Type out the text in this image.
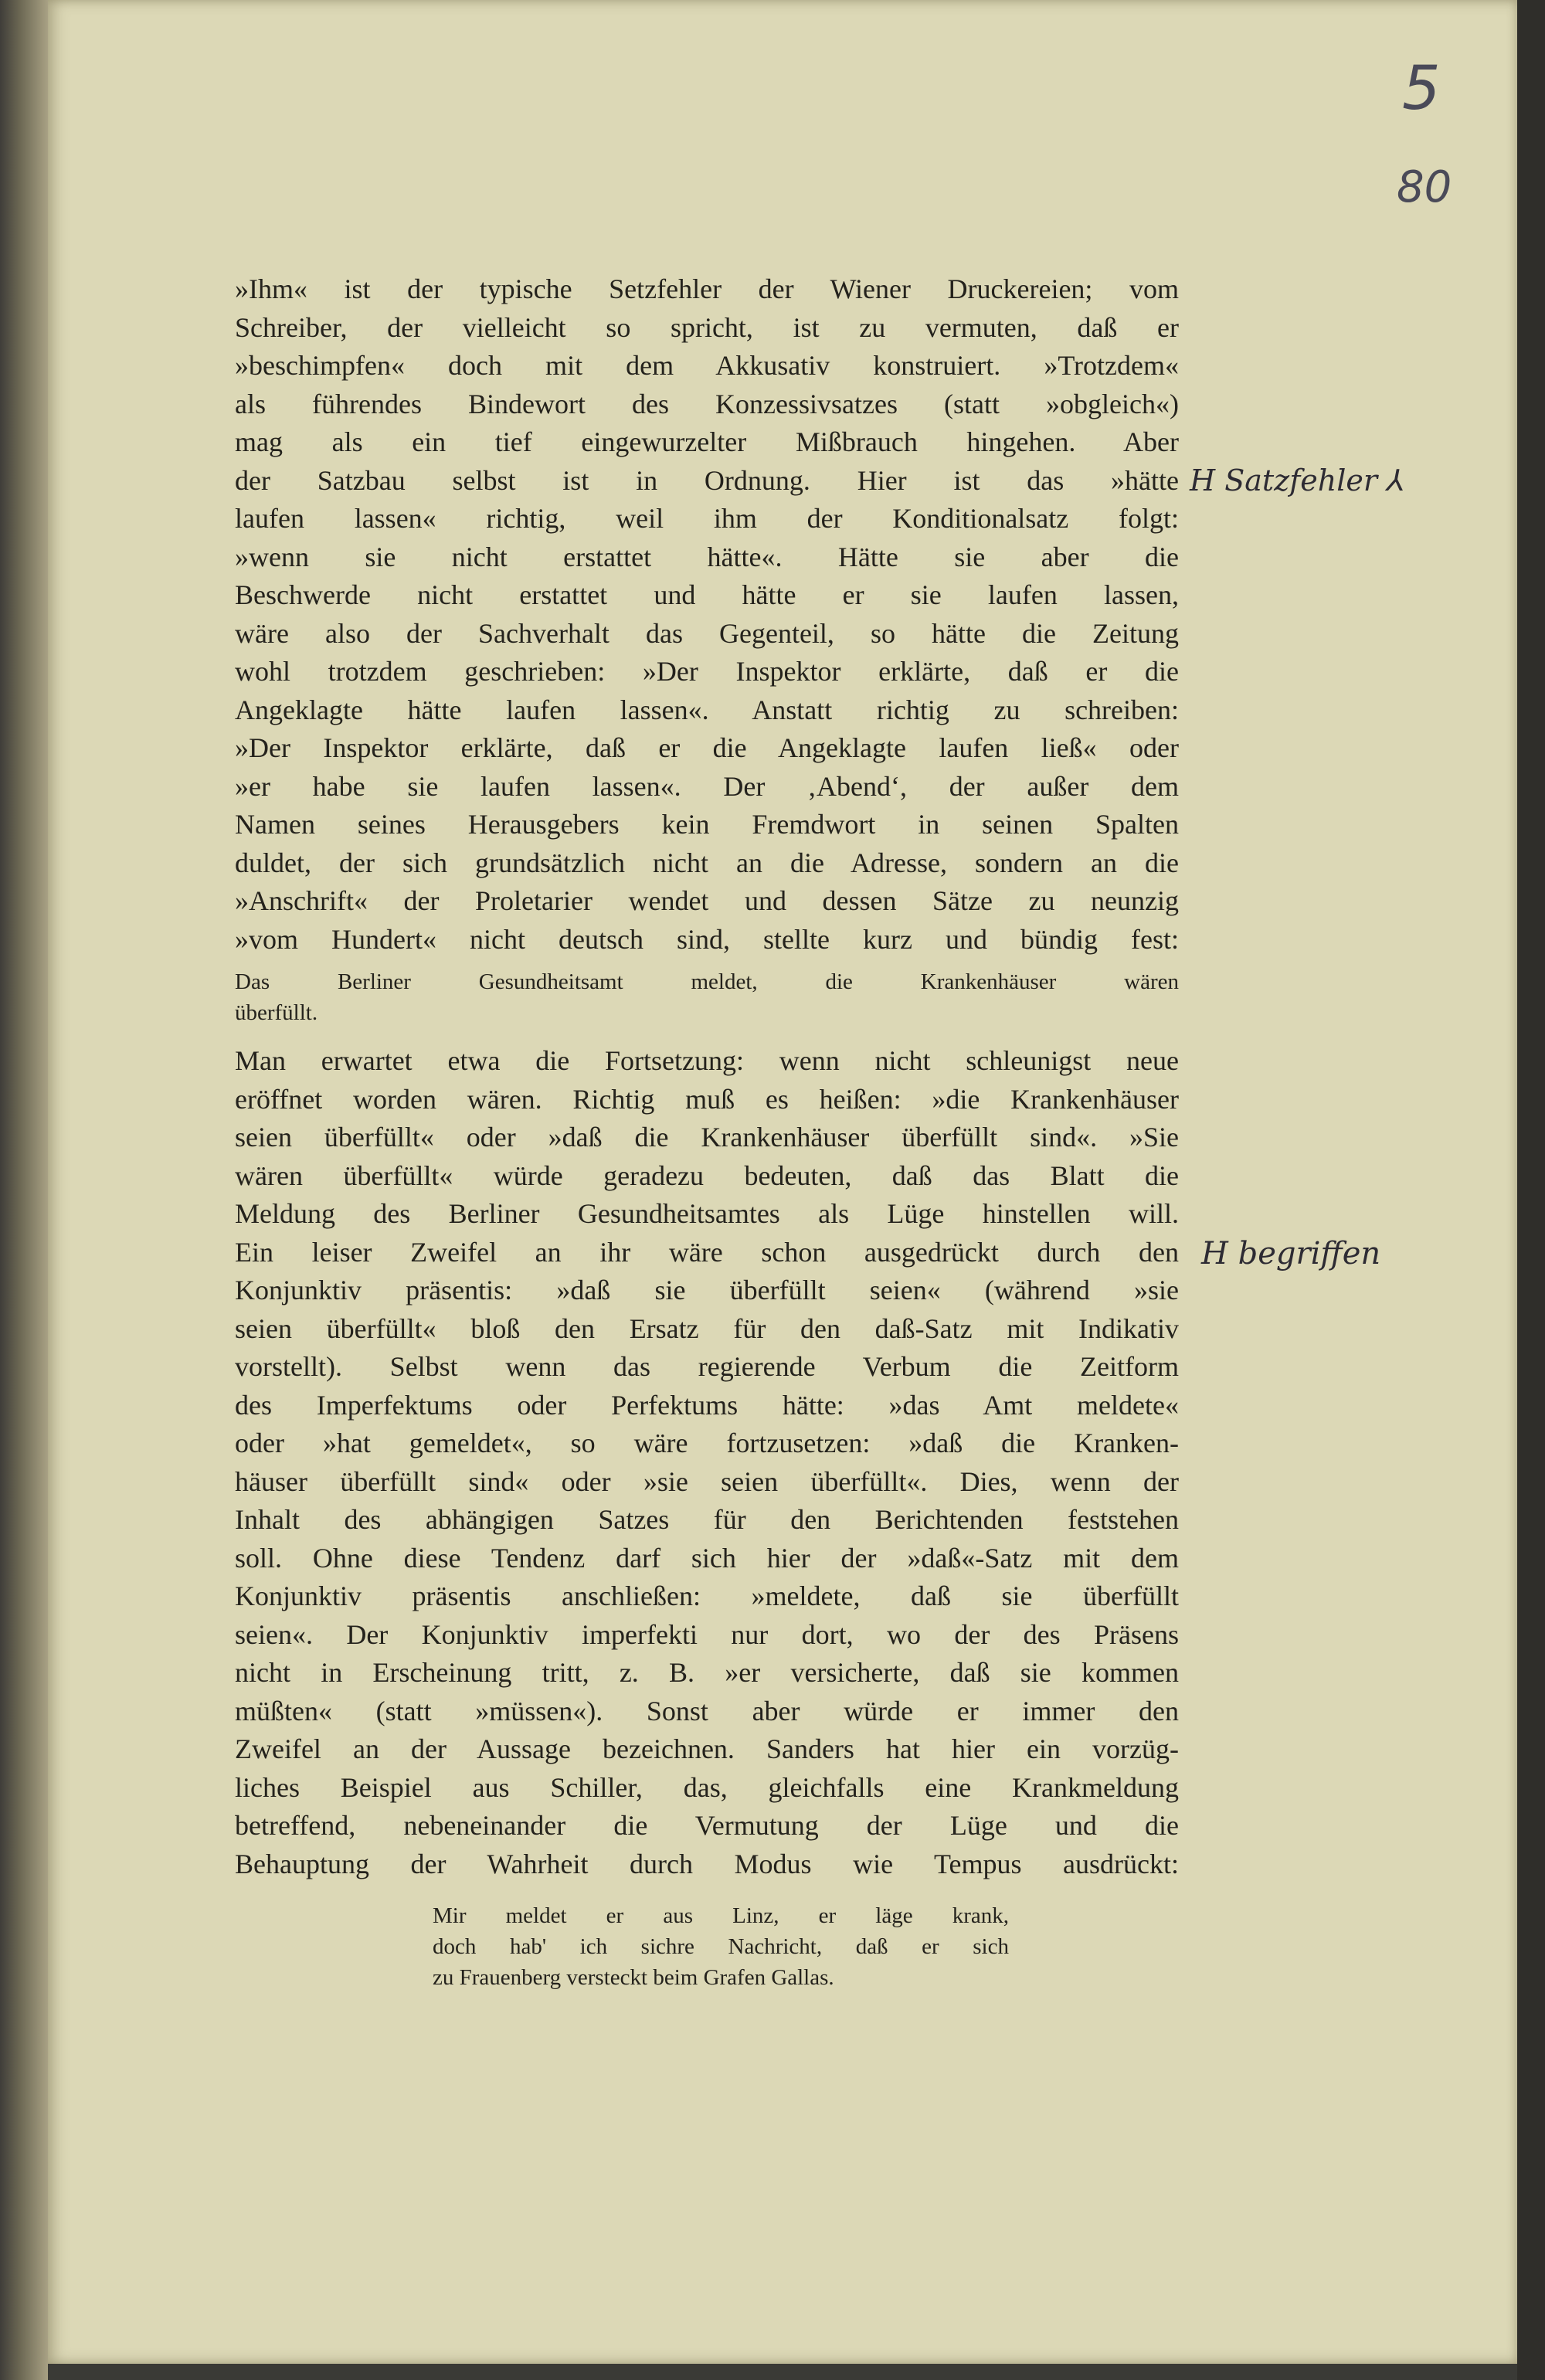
5
80
H Satzfehler ⅄
H begriffen
»Ihm« ist der typische Setzfehler der Wiener Druckereien; vom
Schreiber, der vielleicht so spricht, ist zu vermuten, daß er
»beschimpfen« doch mit dem Akkusativ konstruiert. »Trotzdem«
als führendes Bindewort des Konzessivsatzes (statt »obgleich«)
mag als ein tief eingewurzelter Mißbrauch hingehen. Aber
der Satzbau selbst ist in Ordnung. Hier ist das »hätte
laufen lassen« richtig, weil ihm der Konditionalsatz folgt:
»wenn sie nicht erstattet hätte«. Hätte sie aber die
Beschwerde nicht erstattet und hätte er sie laufen lassen,
wäre also der Sachverhalt das Gegenteil, so hätte die Zeitung
wohl trotzdem geschrieben: »Der Inspektor erklärte, daß er die
Angeklagte hätte laufen lassen«. Anstatt richtig zu schreiben:
»Der Inspektor erklärte, daß er die Angeklagte laufen ließ« oder
»er habe sie laufen lassen«. Der ‚Abend‘, der außer dem
Namen seines Herausgebers kein Fremdwort in seinen Spalten
duldet, der sich grundsätzlich nicht an die Adresse, sondern an die
»Anschrift« der Proletarier wendet und dessen Sätze zu neunzig
»vom Hundert« nicht deutsch sind, stellte kurz und bündig fest:
Das Berliner Gesundheitsamt meldet, die Krankenhäuser wären
überfüllt.
Man erwartet etwa die Fortsetzung: wenn nicht schleunigst neue
eröffnet worden wären. Richtig muß es heißen: »die Krankenhäuser
seien überfüllt« oder »daß die Krankenhäuser überfüllt sind«. »Sie
wären überfüllt« würde geradezu bedeuten, daß das Blatt die
Meldung des Berliner Gesundheitsamtes als Lüge hinstellen will.
Ein leiser Zweifel an ihr wäre schon ausgedrückt durch den
Konjunktiv präsentis: »daß sie überfüllt seien« (während »sie
seien überfüllt« bloß den Ersatz für den daß-Satz mit Indikativ
vorstellt). Selbst wenn das regierende Verbum die Zeitform
des Imperfektums oder Perfektums hätte: »das Amt meldete«
oder »hat gemeldet«, so wäre fortzusetzen: »daß die Kranken-
häuser überfüllt sind« oder »sie seien überfüllt«. Dies, wenn der
Inhalt des abhängigen Satzes für den Berichtenden feststehen
soll. Ohne diese Tendenz darf sich hier der »daß«-Satz mit dem
Konjunktiv präsentis anschließen: »meldete, daß sie überfüllt
seien«. Der Konjunktiv imperfekti nur dort, wo der des Präsens
nicht in Erscheinung tritt, z. B. »er versicherte, daß sie kommen
müßten« (statt »müssen«). Sonst aber würde er immer den
Zweifel an der Aussage bezeichnen. Sanders hat hier ein vorzüg-
liches Beispiel aus Schiller, das, gleichfalls eine Krankmeldung
betreffend, nebeneinander die Vermutung der Lüge und die
Behauptung der Wahrheit durch Modus wie Tempus ausdrückt:
Mir meldet er aus Linz, er läge krank,
doch hab' ich sichre Nachricht, daß er sich
zu Frauenberg versteckt beim Grafen Gallas.
